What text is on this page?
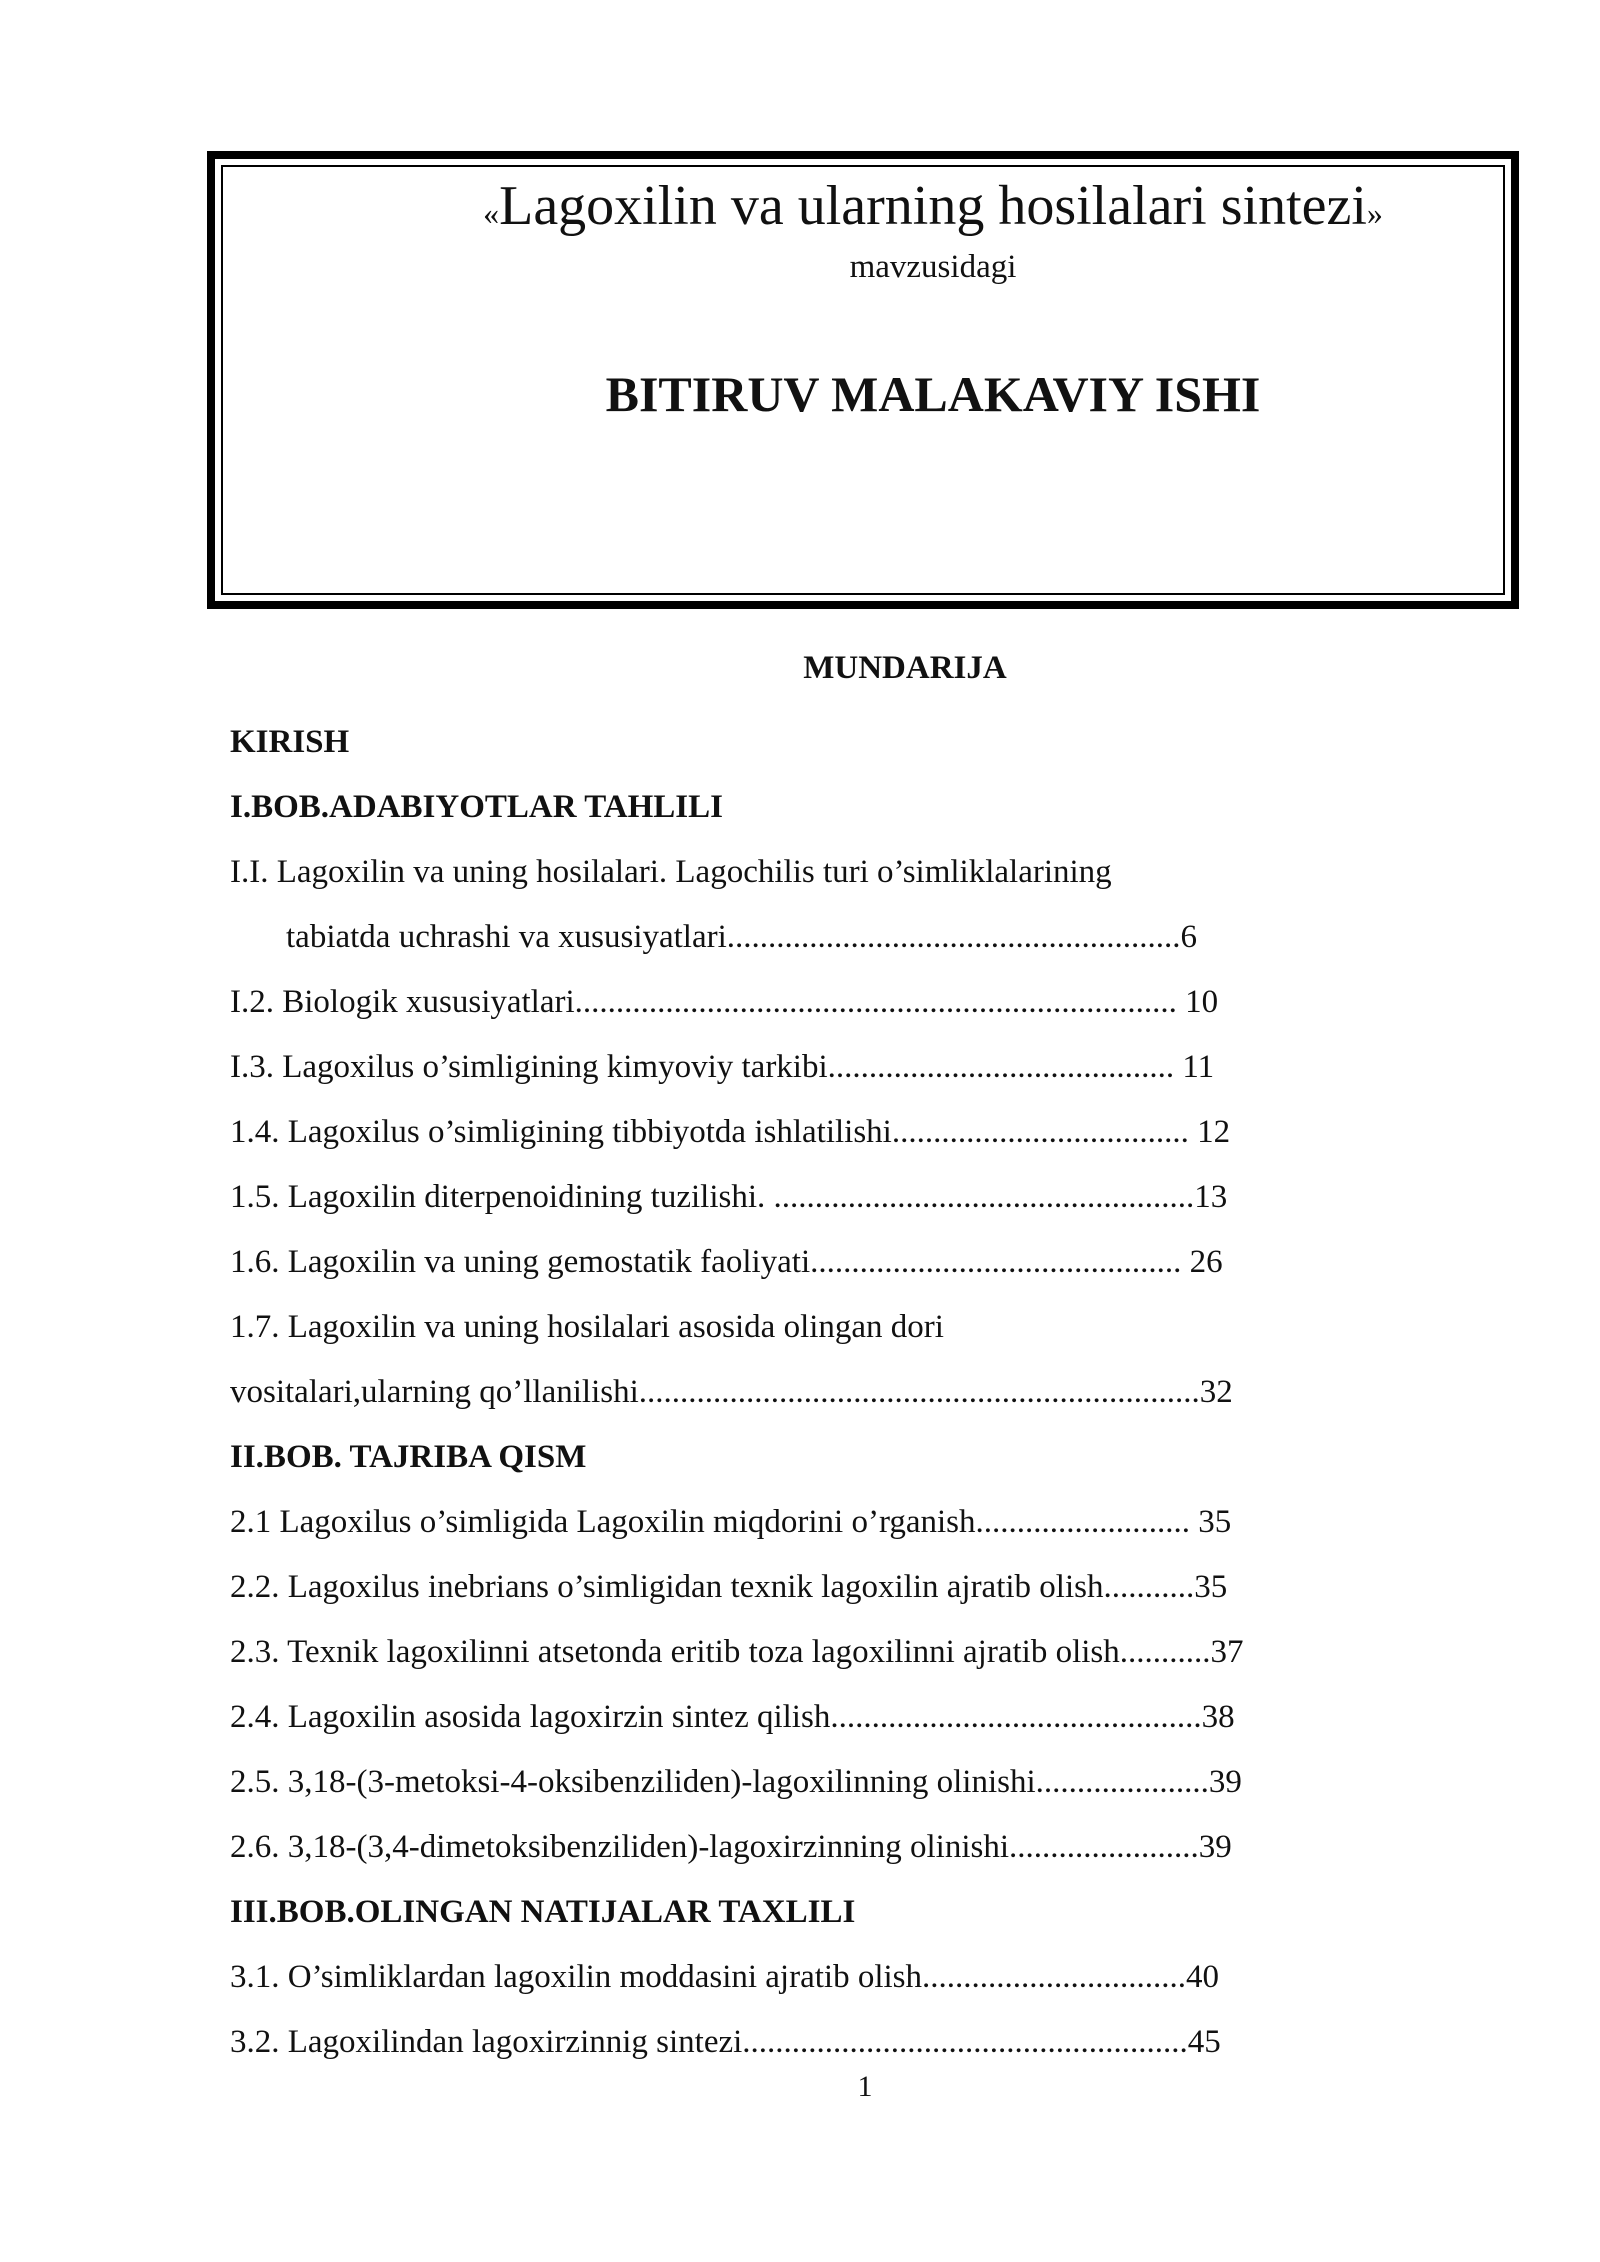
«Lagoxilin va ularning hosilalari sintezi»
mavzusidagi
BITIRUV MALAKAVIY ISHI
MUNDARIJA
KIRISH
I.BOB.ADABIYOTLAR TAHLILI
I.I. Lagoxilin va uning hosilalari. Lagochilis turi o’simliklalarining
tabiatda uchrashi va xususiyatlari.......................................................6
I.2. Biologik xususiyatlari......................................................................... 10
I.3. Lagoxilus o’simligining kimyoviy tarkibi.......................................... 11
1.4. Lagoxilus o’simligining tibbiyotda ishlatilishi.................................... 12
1.5. Lagoxilin diterpenoidining tuzilishi. ...................................................13
1.6. Lagoxilin va uning gemostatik faoliyati............................................. 26
1.7. Lagoxilin va uning hosilalari asosida olingan dori
vositalari,ularning qo’llanilishi....................................................................32
II.BOB. TAJRIBA QISM
2.1 Lagoxilus o’simligida Lagoxilin miqdorini o’rganish.......................... 35
2.2. Lagoxilus inebrians o’simligidan texnik lagoxilin ajratib olish...........35
2.3. Texnik lagoxilinni atsetonda eritib toza lagoxilinni ajratib olish...........37
2.4. Lagoxilin asosida lagoxirzin sintez qilish.............................................38
2.5. 3,18-(3-metoksi-4-oksibenziliden)-lagoxilinning olinishi.....................39
2.6. 3,18-(3,4-dimetoksibenziliden)-lagoxirzinning olinishi.......................39
III.BOB.OLINGAN NATIJALAR TAXLILI
3.1. O’simliklardan lagoxilin moddasini ajratib olish................................40
3.2. Lagoxilindan lagoxirzinnig sintezi......................................................45
1
